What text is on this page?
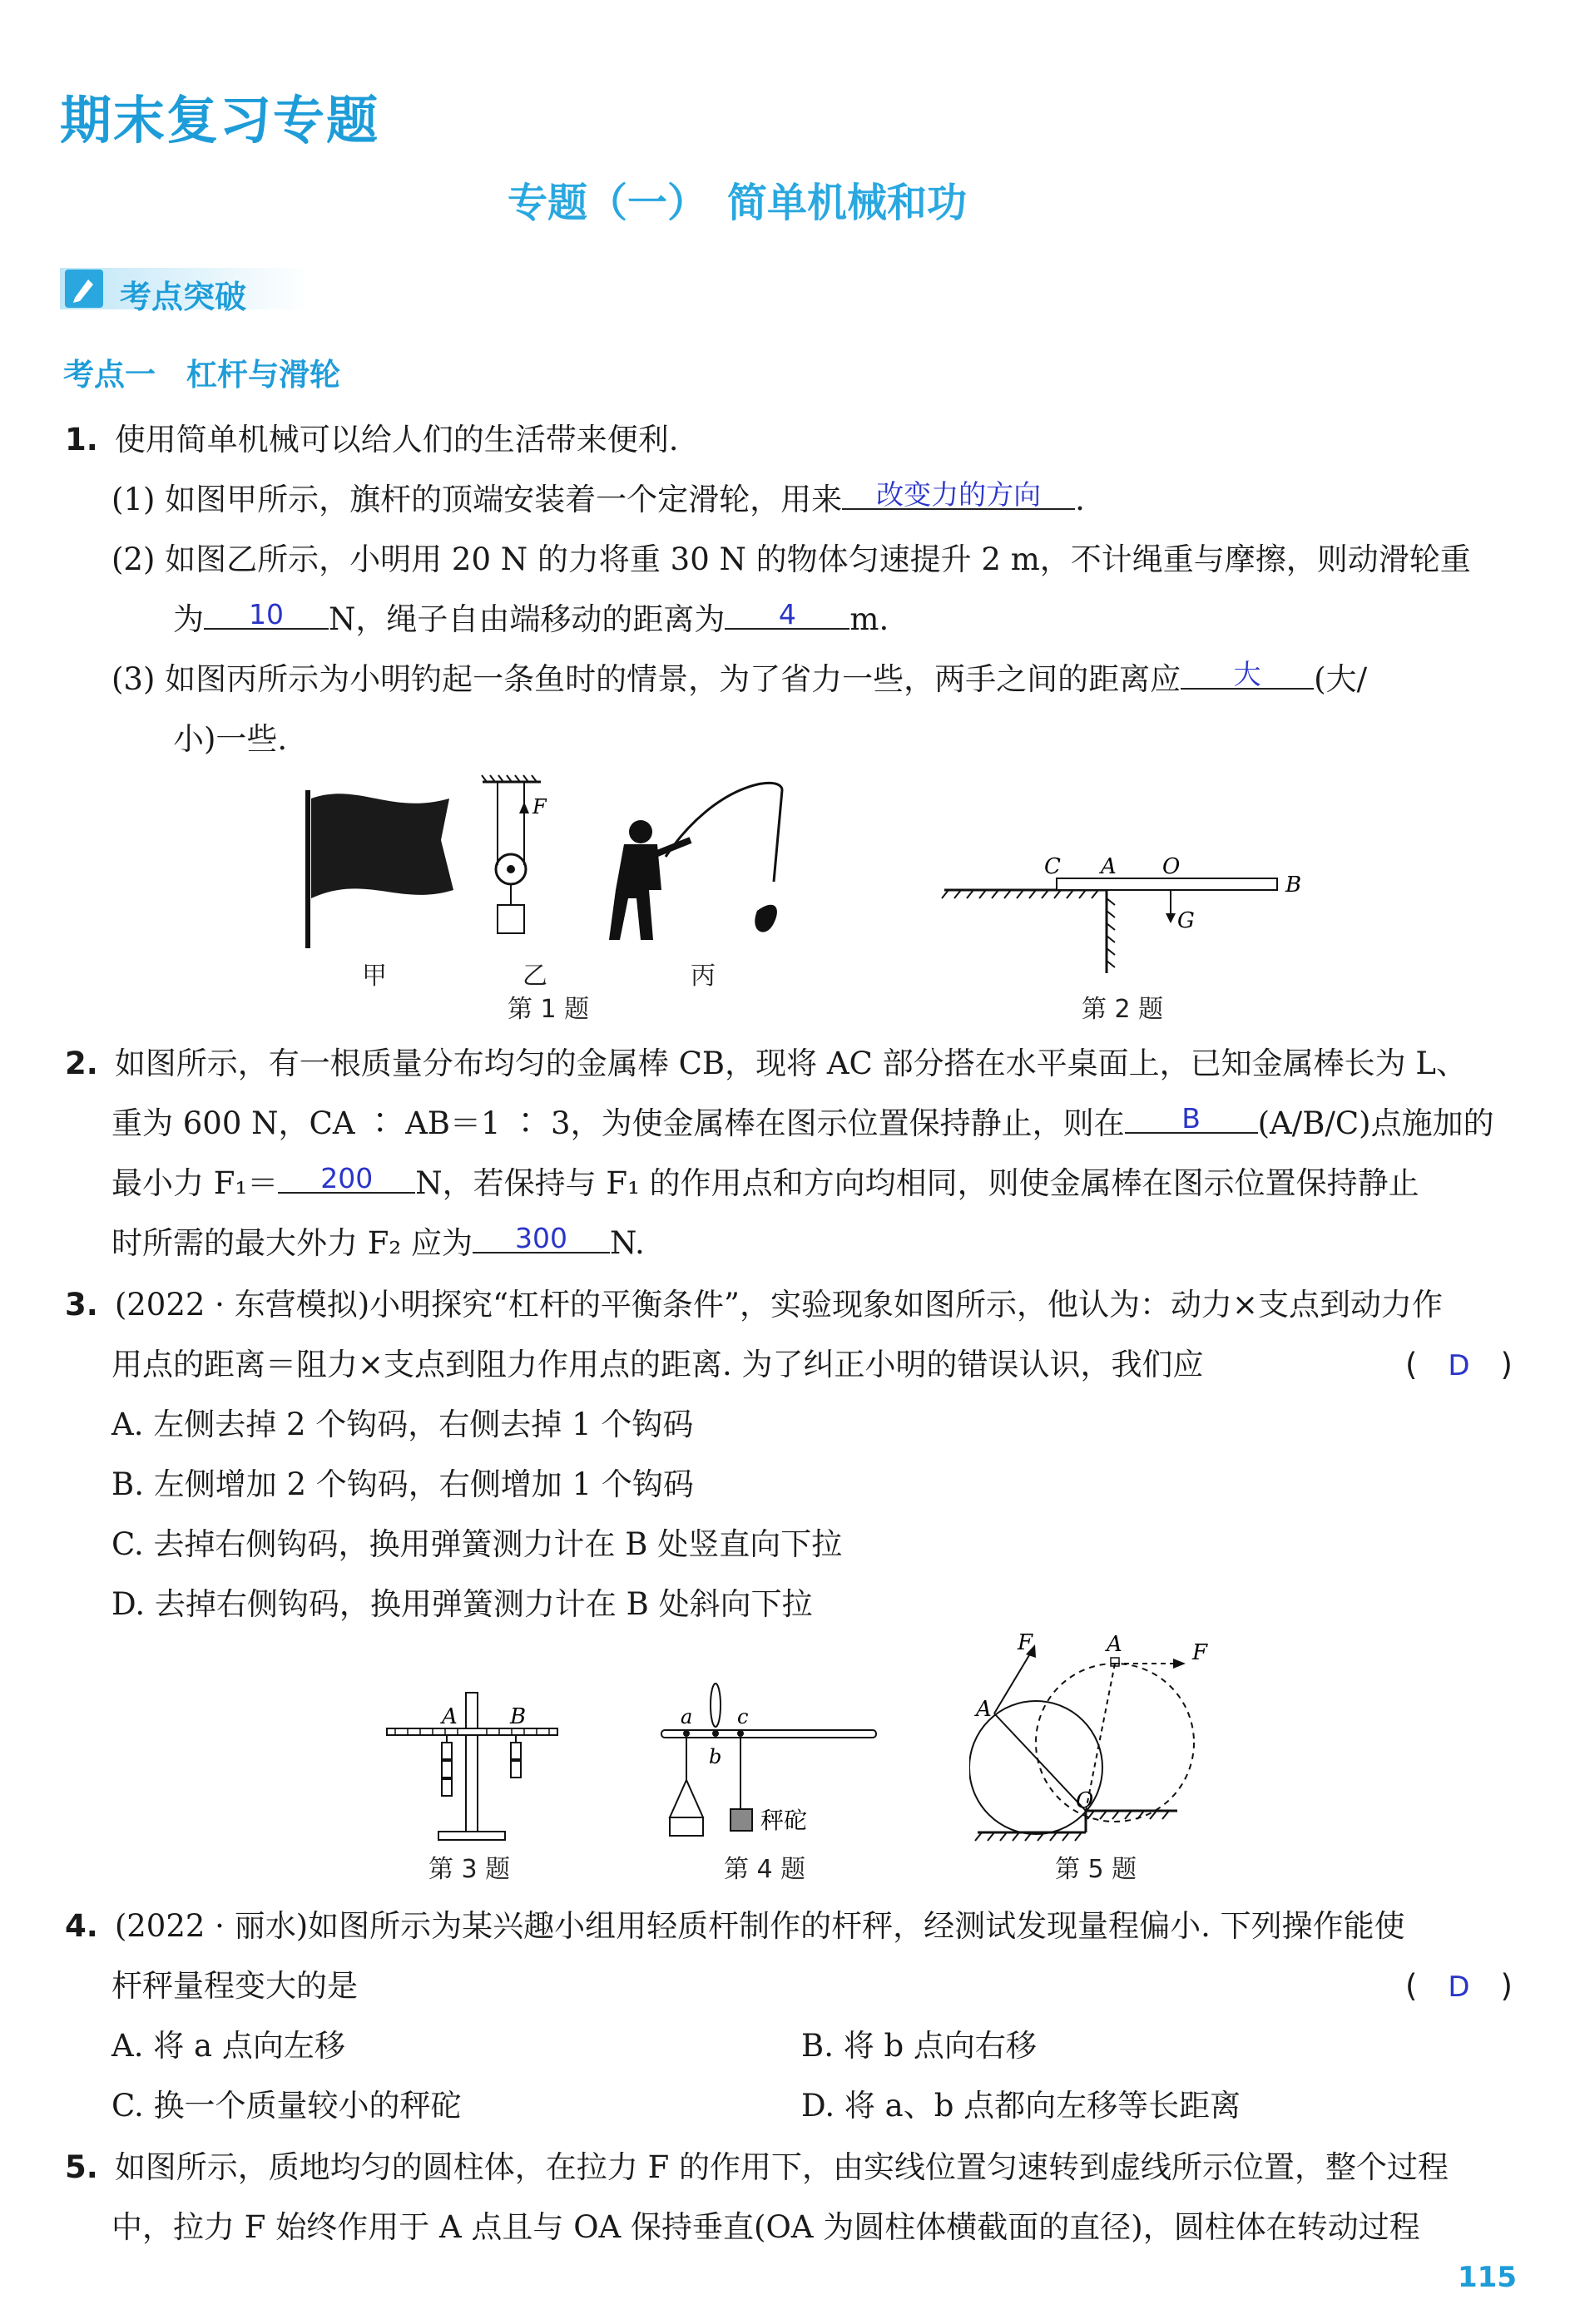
期末复习专题
专题（一）　简单机械和功
考点突破
考点一　杠杆与滑轮
1. 使用简单机械可以给人们的生活带来便利.
(1) 如图甲所示，旗杆的顶端安装着一个定滑轮，用来	改变力的方向	.
(2) 如图乙所示，小明用 20 N 的力将重 30 N 的物体匀速提升 2 m，不计绳重与摩擦，则动滑轮重
为	10	N，绳子自由端移动的距离为	4	m.
(3) 如图丙所示为小明钓起一条鱼时的情景，为了省力一些，两手之间的距离应	大	(大/
小)一些.
F
甲	乙	丙
第 1 题
C A O
B
G
第 2 题
2. 如图所示，有一根质量分布均匀的金属棒 CB，现将 AC 部分搭在水平桌面上，已知金属棒长为 L、
重为 600 N，CA ∶ AB＝1 ∶ 3，为使金属棒在图示位置保持静止，则在	B	(A/B/C)点施加的
最小力 F₁＝	200	N，若保持与 F₁ 的作用点和方向均相同，则使金属棒在图示位置保持静止
时所需的最大外力 F₂ 应为	300	N.
3. (2022 · 东营模拟)小明探究“杠杆的平衡条件”，实验现象如图所示，他认为：动力×支点到动力作
用点的距离＝阻力×支点到阻力作用点的距离. 为了纠正小明的错误认识，我们应	(　D　)
A. 左侧去掉 2 个钩码，右侧去掉 1 个钩码
B. 左侧增加 2 个钩码，右侧增加 1 个钩码
C. 去掉右侧钩码，换用弹簧测力计在 B 处竖直向下拉
D. 去掉右侧钩码，换用弹簧测力计在 B 处斜向下拉
A B
第 3 题
a
b
c
秤砣
第 4 题
F	A	F
A
O
第 5 题
4. (2022 · 丽水)如图所示为某兴趣小组用轻质杆制作的杆秤，经测试发现量程偏小. 下列操作能使
杆秤量程变大的是	(　D　)
A. 将 a 点向左移	B. 将 b 点向右移
C. 换一个质量较小的秤砣	D. 将 a、b 点都向左移等长距离
5. 如图所示，质地均匀的圆柱体，在拉力 F 的作用下，由实线位置匀速转到虚线所示位置，整个过程
中，拉力 F 始终作用于 A 点且与 OA 保持垂直(OA 为圆柱体横截面的直径)，圆柱体在转动过程
115
